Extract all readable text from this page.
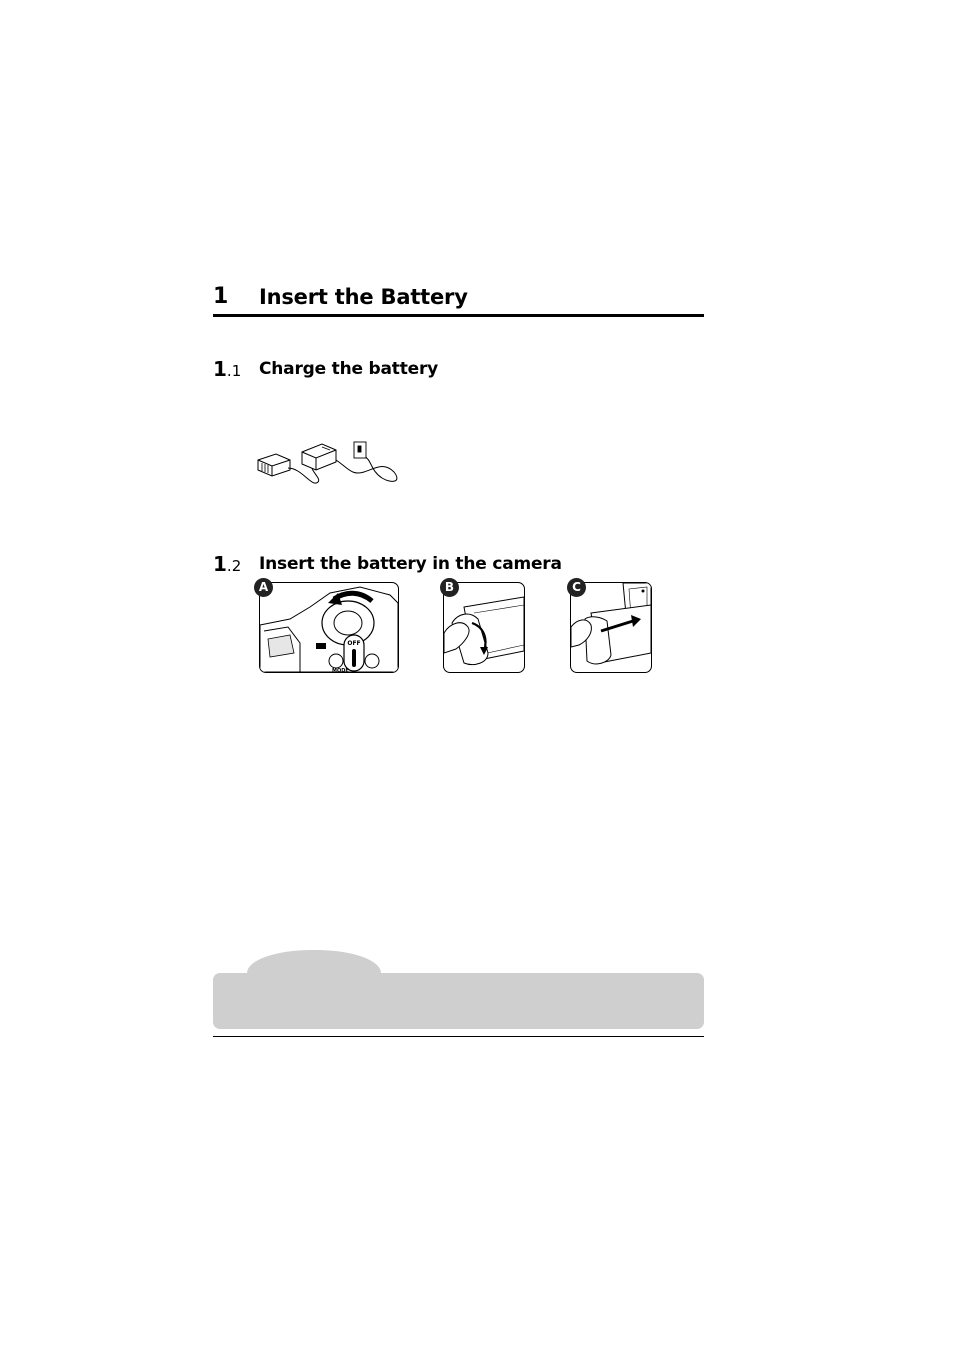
1 Insert the Battery
1.1 Charge the battery
1.2 Insert the battery in the camera
OFF
MODE
A	B	C
